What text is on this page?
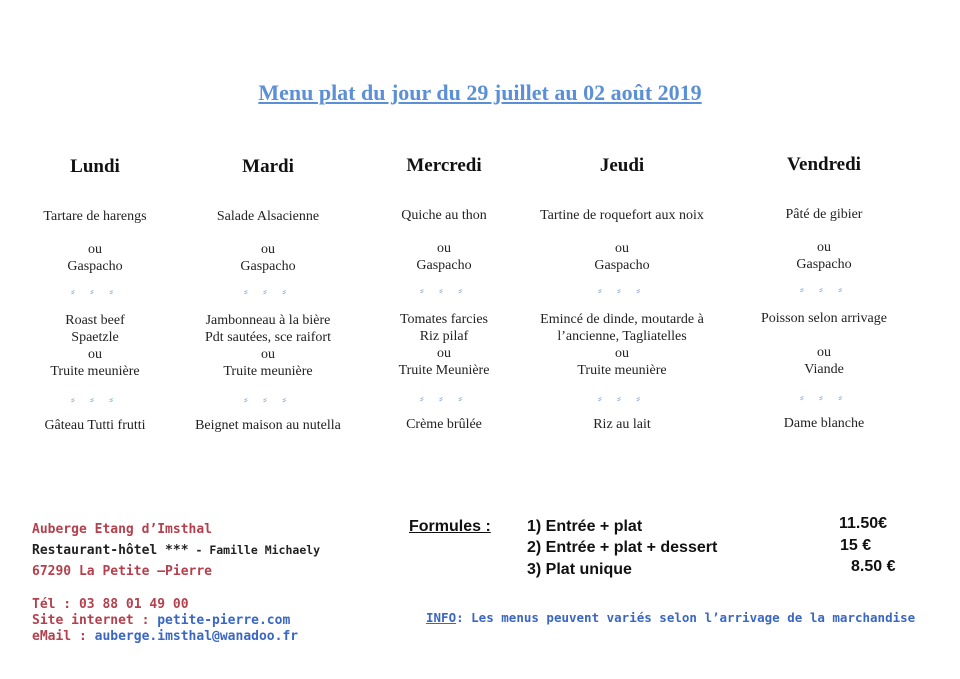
Menu plat du jour du 29 juillet au 02 août 2019
Lundi
Tartare de harengs
ou
Gaspacho
⸗ ⸗ ⸗
Roast beef
Spaetzle
ou
Truite meunière
⸗ ⸗ ⸗
Gâteau Tutti frutti
Mardi
Salade Alsacienne
ou
Gaspacho
⸗ ⸗ ⸗
Jambonneau à la bière
Pdt sautées, sce raifort
ou
Truite meunière
⸗ ⸗ ⸗
Beignet maison au nutella
Mercredi
Quiche au thon
ou
Gaspacho
⸗ ⸗ ⸗
Tomates farcies
Riz pilaf
ou
Truite Meunière
⸗ ⸗ ⸗
Crème brûlée
Jeudi
Tartine de roquefort aux noix
ou
Gaspacho
⸗ ⸗ ⸗
Emincé de dinde, moutarde à
l’ancienne, Tagliatelles
ou
Truite meunière
⸗ ⸗ ⸗
Riz au lait
Vendredi
Pâté de gibier
ou
Gaspacho
⸗ ⸗ ⸗
Poisson selon arrivage
ou
Viande
⸗ ⸗ ⸗
Dame blanche
Auberge Etang d’Imsthal
Restaurant-hôtel *** - Famille Michaely
67290 La Petite –Pierre
Tél : 03 88 01 49 00
Site internet : petite-pierre.com
eMail : auberge.imsthal@wanadoo.fr
Formules : 1) Entrée + plat
2) Entrée + plat + dessert
3) Plat unique
11.50€
15 €
8.50 €
INFO: Les menus peuvent variés selon l’arrivage de la marchandise
